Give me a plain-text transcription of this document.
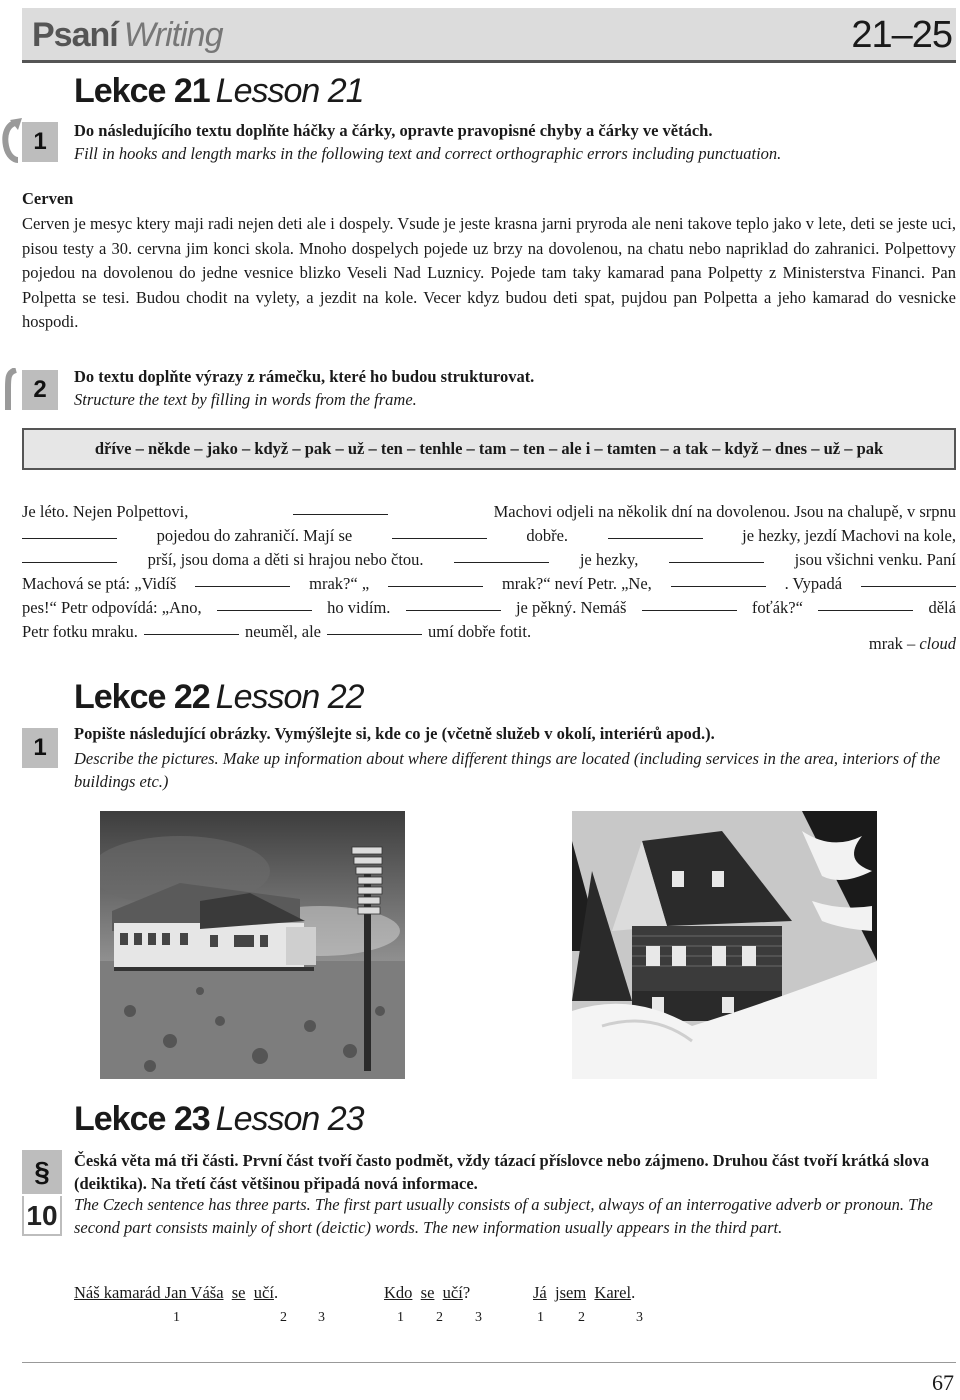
Psaní Writing	21–25
Lekce 21 Lesson 21
1	Do následujícího textu doplňte háčky a čárky, opravte pravopisné chyby a čárky ve větách.
Fill in hooks and length marks in the following text and correct orthographic errors including punctuation.
Cerven
Cerven je mesyc ktery maji radi nejen deti ale i dospely. Vsude je jeste krasna jarni pryroda ale neni takove teplo jako v lete, deti se jeste uci, pisou testy a 30. cervna jim konci skola. Mnoho dospelych pojede uz brzy na dovolenou, na chatu nebo napriklad do zahranici. Polpettovy pojedou na dovolenou do jedne vesnice blizko Veseli Nad Luznicy. Pojede tam taky kamarad pana Polpetty z Ministerstva Financi. Pan Polpetta se tesi. Budou chodit na vylety, a jezdit na kole. Vecer kdyz budou deti spat, pujdou pan Polpetta a jeho kamarad do vesnicke hospodi.
2	Do textu doplňte výrazy z rámečku, které ho budou strukturovat.
Structure the text by filling in words from the frame.
dříve – někde – jako – když – pak – už – ten – tenhle – tam – ten – ale i – tamten – a tak – když – dnes – už – pak
Je léto. Nejen Polpettovi,	Machovi odjeli na několik dní na dovolenou. Jsou na chalupě, v srpnu
pojedou do zahraničí. Mají se	dobře.	je hezky, jezdí Machovi na kole,
prší, jsou doma a děti si hrajou nebo čtou.	je hezky,	jsou všichni venku. Paní
Machová se ptá: „Vidíš	mrak?“ „	mrak?“ neví Petr. „Ne,	. Vypadá
pes!“ Petr odpovídá: „Ano,	ho vidím.	je pěkný. Nemáš	foťák?“	dělá
Petr fotku mraku.	neuměl, ale	umí dobře fotit.
mrak – cloud
Lekce 22 Lesson 22
1
Popište následující obrázky. Vymýšlejte si, kde co je (včetně služeb v okolí, interiérů apod.).
Describe the pictures. Make up information about where different things are located (including services in the area, interiors of the buildings etc.)
Lekce 23 Lesson 23
§
10
Česká věta má tři části. První část tvoří často podmět, vždy tázací příslovce nebo zájmeno. Druhou část tvoří krátká slova (deiktika). Na třetí část většinou připadá nová informace.
The Czech sentence has three parts. The first part usually consists of a subject, always of an interrogative adverb or pronoun. The second part consists mainly of short (deictic) words. The new information usually appears in the third part.
Náš kamarád Jan Váša se učí.	Kdo se učí?	Já jsem Karel.
1	2 3	1 2 3	1 2	3
67
